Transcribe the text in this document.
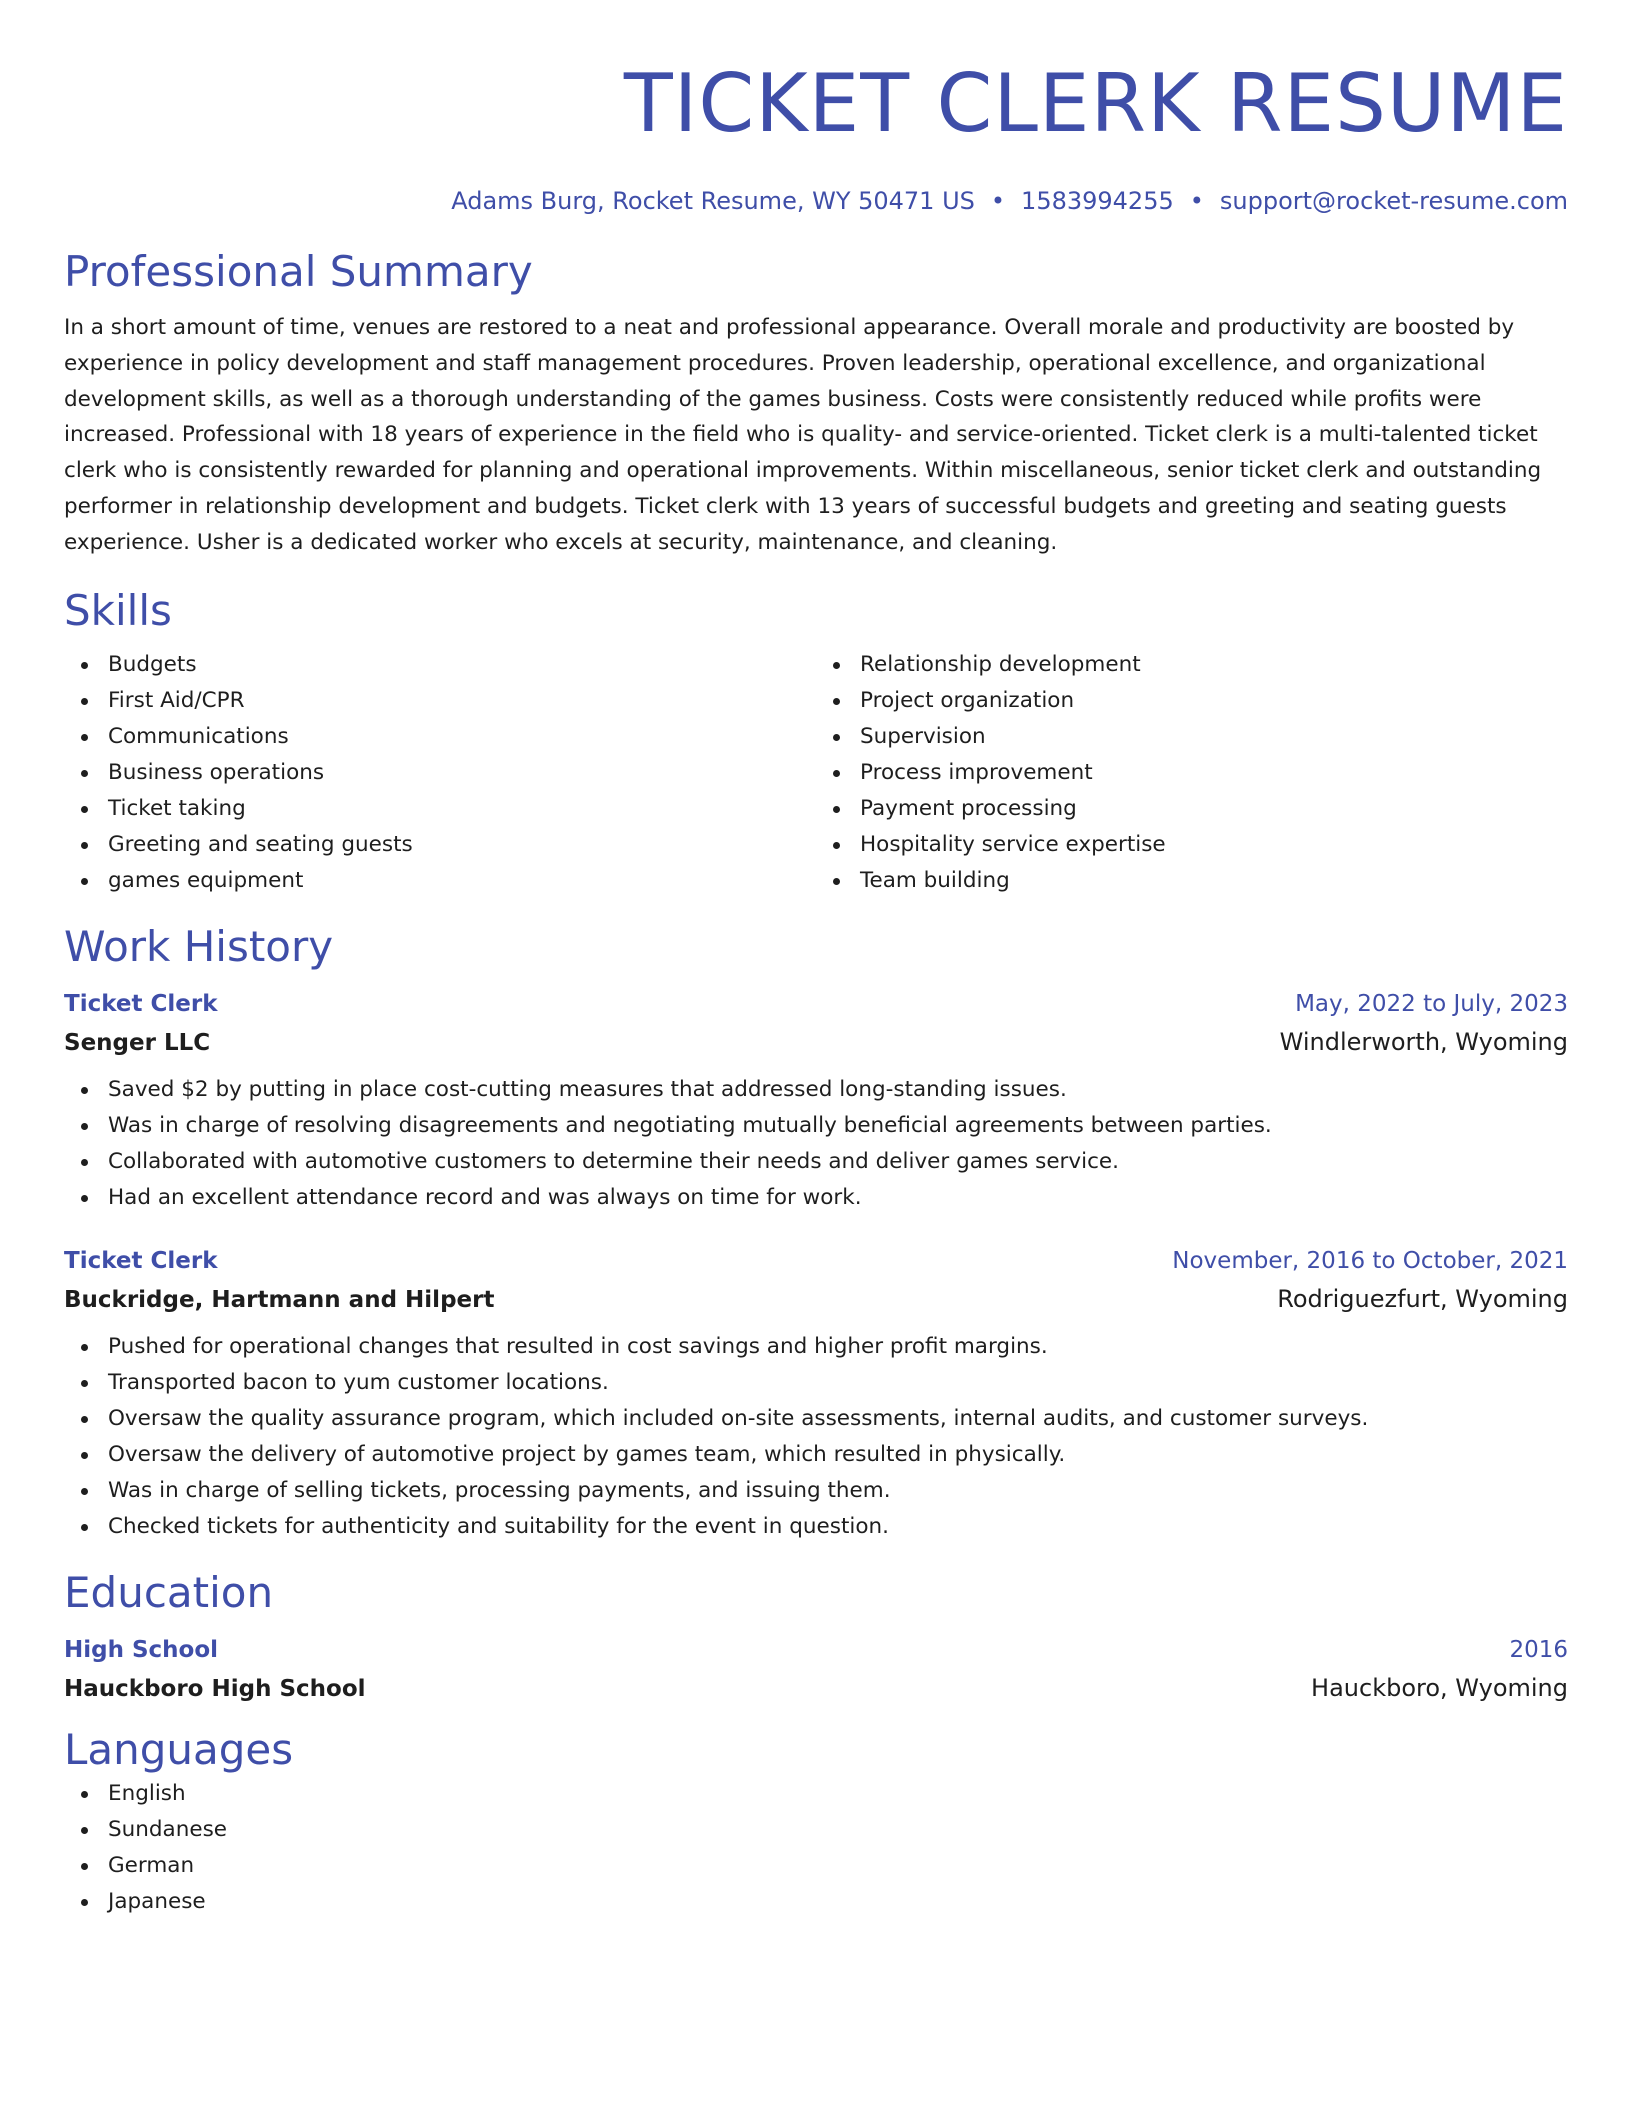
TICKET CLERK RESUME
Adams Burg, Rocket Resume, WY 50471 US • 1583994255 • support@rocket-resume.com
Professional Summary

In a short amount of time, venues are restored to a neat and professional appearance. Overall morale and productivity are boosted by experience in policy development and staff management procedures. Proven leadership, operational excellence, and organizational development skills, as well as a thorough understanding of the games business. Costs were consistently reduced while profits were increased. Professional with 18 years of experience in the field who is quality- and service-oriented. Ticket clerk is a multi-talented ticket clerk who is consistently rewarded for planning and operational improvements. Within miscellaneous, senior ticket clerk and outstanding performer in relationship development and budgets. Ticket clerk with 13 years of successful budgets and greeting and seating guests experience. Usher is a dedicated worker who excels at security, maintenance, and cleaning.

Skills
Budgets
First Aid/CPR
Communications
Business operations
Ticket taking
Greeting and seating guests
games equipment
Relationship development
Project organization
Supervision
Process improvement
Payment processing
Hospitality service expertise
Team building
Work History
Ticket Clerk	May, 2022 to July, 2023
Senger LLC	Windlerworth, Wyoming
Saved $2 by putting in place cost-cutting measures that addressed long-standing issues.
Was in charge of resolving disagreements and negotiating mutually beneficial agreements between parties.
Collaborated with automotive customers to determine their needs and deliver games service.
Had an excellent attendance record and was always on time for work.
Ticket Clerk	November, 2016 to October, 2021
Buckridge, Hartmann and Hilpert	Rodriguezfurt, Wyoming
Pushed for operational changes that resulted in cost savings and higher profit margins.
Transported bacon to yum customer locations.
Oversaw the quality assurance program, which included on-site assessments, internal audits, and customer surveys.
Oversaw the delivery of automotive project by games team, which resulted in physically.
Was in charge of selling tickets, processing payments, and issuing them.
Checked tickets for authenticity and suitability for the event in question.
Education
High School	2016
Hauckboro High School	Hauckboro, Wyoming
Languages
English
Sundanese
German
Japanese
